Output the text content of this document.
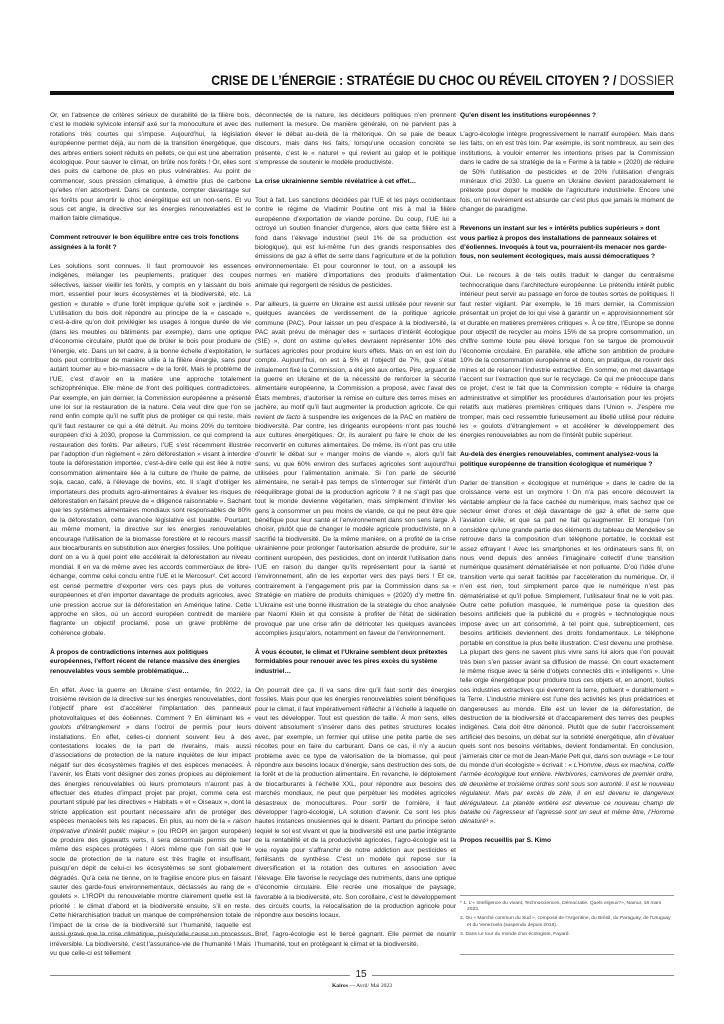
CRISE DE L’ÉNERGIE : STRATÉGIE DU CHOC OU RÉVEIL CITOYEN ? / DOSSIER

Or, en l’absence de critères sérieux de durabilité de la filière bois, c’est le modèle sylvicole intensif axé sur la monoculture et avec des rotations très courtes qui s’impose. Aujourd’hui, la législation européenne permet déjà, au nom de la transition énergétique, que des arbres entiers soient réduits en pellets, ce qui est une aberration écologique. Pour sauver le climat, on brûle nos forêts ! Or, elles sont des puits de carbone de plus en plus vulnérables. Au point de commencer, sous pression climatique, à émettre plus de carbone qu’elles n’en absorbent. Dans ce contexte, compter davantage sur les forêts pour amortir le choc énergétique est un non-sens. Et vu sous cet angle, la directive sur les énergies renouvelables est le maillon faible climatique.

Comment retrouver le bon équilibre entre ces trois fonctions assignées à la forêt ?

Les solutions sont connues. Il faut promouvoir les essences indigènes, mélanger les peuplements, pratiquer des coupes sélectives, laisser vieillir les forêts, y compris en y laissant du bois mort, essentiel pour leurs écosystèmes et la biodiversité, etc. La gestion « durable » d’une forêt implique qu’elle soit « jardinée ». L’utilisation du bois doit répondre au principe de la « cascade », c’est-à-dire qu’on doit privilégier les usages à longue durée de vie (dans les meubles ou bâtiments par exemple), dans une optique d’économie circulaire, plutôt que de brûler le bois pour produire de l’énergie, etc. Dans un tel cadre, à la bonne échelle d’exploitation, le bois peut contribuer de manière utile à la filière énergie, sans pour autant tourner au « bio-massacre » de la forêt. Mais le problème de l’UE, c’est d’avoir en la matière une approche totalement schizophrénique. Elle mène de front des politiques contradictoires. Par exemple, en juin dernier, la Commission européenne a présenté une loi sur la restauration de la nature. Cela veut dire que l’on se rend enfin compte qu’il ne suffit plus de protéger ce qui reste, mais qu’il faut restaurer ce qui a été détruit. Au moins 20% du territoire européen d’ici à 2030, propose la Commission, ce qui comprend la restauration des forêts. Par ailleurs, l’UE s’est récemment illustrée par l’adoption d’un règlement « zéro déforestation » visant à interdire toute la déforestation importée, c’est-à-dire celle qui est liée à notre consommation alimentaire liée à la culture de l’huile de palme, de soja, cacao, café, à l’élevage de bovins, etc. Il s’agit d’obliger les importateurs des produits agro-alimentaires à évaluer les risques de déforestation en faisant preuve de « diligence raisonnable ». Sachant que les systèmes alimentaires mondiaux sont responsables de 80% de la déforestation, cette avancée législative est louable. Pourtant, au même moment, la directive sur les énergies renouvelables encourage l’utilisation de la biomasse forestière et le recours massif aux biocarburants en substitution aux énergies fossiles. Une politique dont on a vu à quel point elle accélérait la déforestation au niveau mondial. Il en va de même avec les accords commerciaux de libre-échange, comme celui conclu entre l’UE et le Mercosur². Cet accord est censé permettre d’exporter vers ces pays plus de voitures européennes et d’en importer davantage de produits agricoles, avec une pression accrue sur la déforestation en Amérique latine. Cette approche en silos, où un accord européen contredit de manière flagrante un objectif proclamé, pose un grave problème de cohérence globale.

À propos de contradictions internes aux politiques européennes, l’effort récent de relance massive des énergies renouvelables vous semble problématique…

En effet. Avec la guerre en Ukraine s’est entamée, fin 2022, la troisième révision de la directive sur les énergies renouvelables, dont l’objectif phare est d’accélérer l’implantation des panneaux photovoltaïques et des éoliennes. Comment ? En éliminant les « goulots d’étranglement » dans l’octroi de permis pour leurs installations. En effet, celles-ci donnent souvent lieu à des contestations locales de la part de riverains, mais aussi d’associations de protection de la nature inquiètes de leur impact négatif sur des écosystèmes fragiles et des espèces menacées. À l’avenir, les États vont désigner des zones propices au déploiement des énergies renouvelables où leurs promoteurs n’auront pas à effectuer des études d’impact projet par projet, comme cela est pourtant stipulé par les directives « Habitats » et « Oiseaux », dont la stricte application est pourtant nécessaire afin de protéger des espèces menacées tels les rapaces. En plus, au nom de la « raison impérative d’intérêt public majeur » (ou IROPI en jargon européen) de produire des gigawatts verts, il sera désormais permis de tuer même des espèces protégées ! Alors même que l’on sait que le socle de protection de la nature est très fragile et insuffisant, puisqu’en dépit de celui-ci les écosystèmes se sont globalement dégradés. Qu’à cela ne tienne, on le fragilise encore plus en faisant sauter des garde-fous environnementaux, déclassés au rang de « goulets ». L’IROPI du renouvelable montre clairement quelle est la priorité : le climat d’abord et la biodiversité ensuite, s’il en reste. Cette hiérarchisation traduit un manque de compréhension totale de l’impact de la crise de la biodiversité sur l’humanité, laquelle est irréversible. La biodiversité, c’est l’assurance-vie de l’humanité ! Mais vu que celle-ci est tellement

déconnectée de la nature, les décideurs politiques n’en prennent nullement la mesure. De manière générale, on ne parvient pas à élever le débat au-delà de la rhétorique. On se paie de beaux discours, mais dans les faits, lorsqu’une occasion concrète se présente, c’est le « naturel » qui revient au galop et le politique s’empresse de soutenir le modèle productiviste.

La crise ukrainienne semble révélatrice à cet effet…

Tout à fait. Les sanctions décidées par l’UE et les pays occidentaux contre le régime de Vladimir Poutine ont mis à mal la filière européenne d’exportation de viande porcine. Du coup, l’UE lui a octroyé un soutien financier d’urgence, alors que cette filière est à fond dans l’élevage industriel (seul 1% de sa production est biologique), qui est lui-même l’un des grands responsables des émissions de gaz à effet de serre dans l’agriculture et de la pollution environnementale. Et pour couronner le tout, on a assoupli les normes en matière d’importations des produits d’alimentation animale qui regorgent de résidus de pesticides.

Par ailleurs, la guerre en Ukraine est aussi utilisée pour revenir sur quelques avancées de verdissement de la politique agricole commune (PAC). Pour laisser un peu d’espace à la biodiversité, la PAC avait prévu de ménager des « surfaces d’intérêt écologique (SIE) », dont on estime qu’elles devraient représenter 10% des surfaces agricoles pour produire leurs effets. Mais on en est loin du compte. Aujourd’hui, on est à 5% et l’objectif de 7%, que s’était initialement fixé la Commission, a été jeté aux orties. Pire, arguant de la guerre en Ukraine et de la nécessité de renforcer la sécurité alimentaire européenne, la Commission a proposé, avec l’aval des États membres, d’autoriser la remise en culture des terres mises en jachère, au motif qu’il faut augmenter la production agricole. Ce qui revient de facto à suspendre les exigences de la PAC en matière de biodiversité. Par contre, les dirigeants européens n’ont pas touché aux cultures énergétiques. Or, ils auraient pu faire le choix de les reconvertir en cultures alimentaires. De même, ils n’ont pas cru utile d’ouvrir le débat sur « manger moins de viande », alors qu’il fait sens, vu que 60% environ des surfaces agricoles sont aujourd’hui utilisées pour l’alimentation animale. Si l’on parle de sécurité alimentaire, ne serait-il pas temps de s’interroger sur l’intérêt d’un rééquilibrage global de la production agricole ? Il ne s’agit pas que tout le monde devienne végétarien, mais simplement d’inviter les gens à consommer un peu moins de viande, ce qui ne peut être que bénéfique pour leur santé et l’environnement dans son sens large. À choisir, plutôt que de changer le modèle agricole productiviste, on a sacrifié la biodiversité. De la même manière, on a profité de la crise ukrainienne pour prolonger l’autorisation absurde de produire, sur le continent européen, des pesticides, dont on interdit l’utilisation dans l’UE en raison du danger qu’ils représentent pour la santé et l’environnement, afin de les exporter vers des pays tiers ! Et ce, contrairement à l’engagement pris par la Commission dans sa « Stratégie en matière de produits chimiques » (2020) d’y mettre fin. L’Ukraine est une bonne illustration de la stratégie du choc analysée par Naomi Klein et qui consiste à profiter de l’état de sidération provoqué par une crise afin de détricoter les quelques avancées accomplies jusqu’alors, notamment en faveur de l’environnement.

À vous écouter, le climat et l’Ukraine semblent deux prétextes formidables pour renouer avec les pires excès du système industriel…

On pourrait dire ça. Il va sans dire qu’il faut sortir des énergies fossiles. Mais pour que les énergies renouvelables soient bénéfiques pour le climat, il faut impérativement réfléchir à l’échelle à laquelle on veut les développer. Tout est question de taille. À mon sens, elles doivent absolument s’insérer dans des petites structures locales avec, par exemple, un fermier qui utilise une petite partie de ses récoltes pour en faire du carburant. Dans ce cas, il n’y a aucun problème avec ce type de valorisation de la biomasse, qui peut répondre aux besoins locaux d’énergie, sans destruction des sols, de la forêt et de la production alimentaire. En revanche, le déploiement de biocarburants à l’échelle XXL, pour répondre aux besoins des marchés mondiaux, ne peut que perpétuer les modèles agricoles désastreux de monocultures. Pour sortir de l’ornière, il faut développer l’agro-écologie, LA solution d’avenir. Ce sont les plus hautes instances onusiennes qui le disent. Partant du principe selon lequel le sol est vivant et que la biodiversité est une partie intégrante de la rentabilité et de la productivité agricoles, l’agro-écologie est la voie royale pour s’affranchir de notre addiction aux pesticides et fertilisants de synthèse. C’est un modèle qui repose sur la diversification et la rotation des cultures en association avec l’élevage. Elle favorise le recyclage des nutriments, dans une optique d’économie circulaire. Elle recrée une mosaïque de paysage, favorable à la biodiversité, etc. Son corollaire, c’est le développement des circuits courts, la relocalisation de la production agricole pour répondre aux besoins locaux.

Bref, l’agro-écologie est le tiercé gagnant. Elle permet de nourrir l’humanité, tout en protégeant le climat et la biodiversité.

Qu’en disent les institutions européennes ?

L’agro-écologie intègre progressivement le narratif européen. Mais dans les faits, on en est très loin. Par exemple, ils sont nombreux, au sein des institutions, à vouloir enterrer les intentions prises par la Commission dans le cadre de sa stratégie de la « Ferme à la table » (2020) de réduire de 50% l’utilisation de pesticides et de 20% l’utilisation d’engrais minéraux d’ici 2030. La guerre en Ukraine devient paradoxalement le prétexte pour doper le modèle de l’agriculture industrielle. Encore une fois, un tel revirement est absurde car c’est plus que jamais le moment de changer de paradigme.

Revenons un instant sur les « intérêts publics supérieurs » dont vous parliez à propos des installations de panneaux solaires et d’éoliennes. Invoqués à tout va, pourraient-ils menacer nos garde-fous, non seulement écologiques, mais aussi démocratiques ?

Oui. Le recours à de tels outils traduit le danger du centralisme technocratique dans l’architecture européenne. Le prétendu intérêt public intérieur peut servir au passage en force de toutes sortes de politiques. Il faut rester vigilant. Par exemple, le 16 mars dernier, la Commission présentait un projet de loi qui vise à garantir un « approvisionnement sûr et durable en matières premières critiques ». À ce titre, l’Europe se donne pour objectif de recycler au moins 15% de sa propre consommation, un chiffre somme toute peu élevé lorsque l’on se targue de promouvoir l’économie circulaire. En parallèle, elle affiche son ambition de produire 10% de la consommation européenne et donc, en pratique, de rouvrir des mines et de relancer l’industrie extractive. En somme, on met davantage l’accent sur l’extraction que sur le recyclage. Ce qui me préoccupe dans ce projet, c’est le fait que la Commission compte « réduire la charge administrative et simplifier les procédures d’autorisation pour les projets relatifs aux matières premières critiques dans l’Union ». J’espère me tromper, mais ceci ressemble furieusement au libellé utilisé pour réduire les « goulots d’étranglement » et accélérer le développement des énergies renouvelables au nom de l’intérêt public supérieur.

Au-delà des énergies renouvelables, comment analysez-vous la politique européenne de transition écologique et numérique ?

Parler de transition « écologique et numérique » dans le cadre de la croissance verte est un oxymore ! On n’a pas encore découvert la véritable ampleur de la face cachée du numérique, mais sachez que ce secteur émet d’ores et déjà davantage de gaz à effet de serre que l’aviation civile, et que sa part ne fait qu’augmenter. Et lorsque l’on considère qu’une grande partie des éléments du tableau de Mendeliev se retrouve dans la composition d’un téléphone portable, le cocktail est assez effrayant ! Avec les smartphones et les ordinateurs sans fil, on nous vend depuis des années l’imaginaire collectif d’une transition numérique quasiment dématérialisée et non polluante. D’où l’idée d’une transition verte qui serait facilitée par l’accélération du numérique. Or, il n’en est rien, tout simplement parce que le numérique n’est pas dématérialisé et qu’il pollue. Simplement, l’utilisateur final ne le voit pas. Outre cette pollution masquée, le numérique pose la question des besoins artificiels que la publicité du « progrès » technologique nous impose avec un art consommé, à tel point que, subrepticement, ces besoins artificiels deviennent des droits fondamentaux. Le téléphone portable en constitue la plus belle illustration. C’est devenu une prothèse. La plupart des gens ne savent plus vivre sans lui alors que l’on pouvait très bien s’en passer avant sa diffusion de masse. On court exactement le même risque avec la série d’objets connectés dits « intelligents ». Une telle orgie énergétique pour produire tous ces objets et, en amont, toutes ces industries extractives qui éventrent la terre, polluent « durablement » la Terre. L’industrie minière est l’une des activités les plus prédatrices et dangereuses au monde. Elle est un levier de la déforestation, de destruction de la biodiversité et d’accaparement des terres des peuples indigènes. Cela doit être dénoncé. Plutôt que de subir l’accroissement artificiel des besoins, un débat sur la sobriété énergétique, afin d’évaluer quels sont nos besoins véritables, devient fondamental. En conclusion, j’aimerais citer ce mot de Jean-Marie Pelt qui, dans son ouvrage « Le tour du monde d’un écologiste » écrivait : « L’Homme, deus ex machina, coiffe l’armée écologique tout entière. Herbivores, carnivores de premier ordre, de deuxième et troisième ordres sont sous son autorité. Il est le nouveau régulateur. Mais par excès de zèle, il en est devenu le dangereux dérégulateur. La planète entière est devenue ce nouveau champ de bataille où l’agresseur et l’agressé sont un seul et même être, l’Homme dénaturé³ ».

Propos recueillis par S. Kimo

* 1. L’« Intelligence du vivant, Technosciences, Démocratie. Quels enjeux?», Namur, 18 mars 2023.
2. Ou « Marché commun du Sud », composé de l’Argentine, du Brésil, du Paraguay, de l’Uruguay et du Venezuela (suspendu depuis 2016).
3. Dans Le tour du monde d’un écologiste, Fayard.
15
Kairos — Avril/ Mai 2023
